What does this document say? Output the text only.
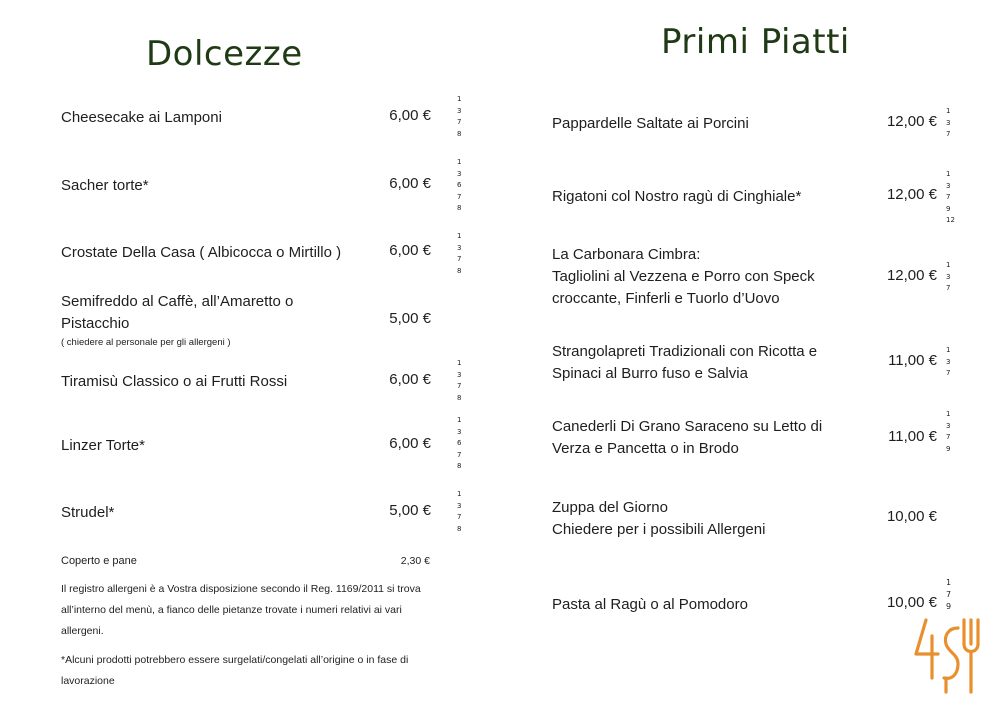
Dolcezze
Cheesecake ai Lamponi	6,00 €
1
3
7
8
Sacher torte*	6,00 €
1
3
6
7
8
Crostate Della Casa ( Albicocca o Mirtillo )	6,00 €
1
3
7
8
Semifreddo al Caffè, all’Amaretto o Pistacchio
( chiedere al personale per gli allergeni )
5,00 €
Tiramisù Classico o ai Frutti Rossi	6,00 €
1
3
7
8
Linzer Torte*	6,00 €
1
3
6
7
8
Strudel*	5,00 €
1
3
7
8
Coperto e pane	2,30 €
Il registro allergeni è a Vostra disposizione secondo il Reg. 1169/2011 si trova all’interno del menù, a fianco delle pietanze trovate i numeri relativi ai vari allergeni.
*Alcuni prodotti potrebbero essere surgelati/congelati all’origine o in fase di lavorazione
Primi Piatti
Pappardelle Saltate ai Porcini	12,00 €
1
3
7
Rigatoni col Nostro ragù di Cinghiale*	12,00 €
1
3
7
9
12
La Carbonara Cimbra:
Tagliolini al Vezzena e Porro con Speck
croccante, Finferli e Tuorlo d’Uovo
12,00 €
1
3
7
Strangolapreti Tradizionali con Ricotta e
Spinaci al Burro fuso e Salvia
11,00 €
1
3
7
Canederli Di Grano Saraceno su Letto di
Verza e Pancetta o in Brodo
11,00 €
1
3
7
9
Zuppa del Giorno
Chiedere per i possibili Allergeni
10,00 €
Pasta al Ragù o al Pomodoro	10,00 €
1
7
9
